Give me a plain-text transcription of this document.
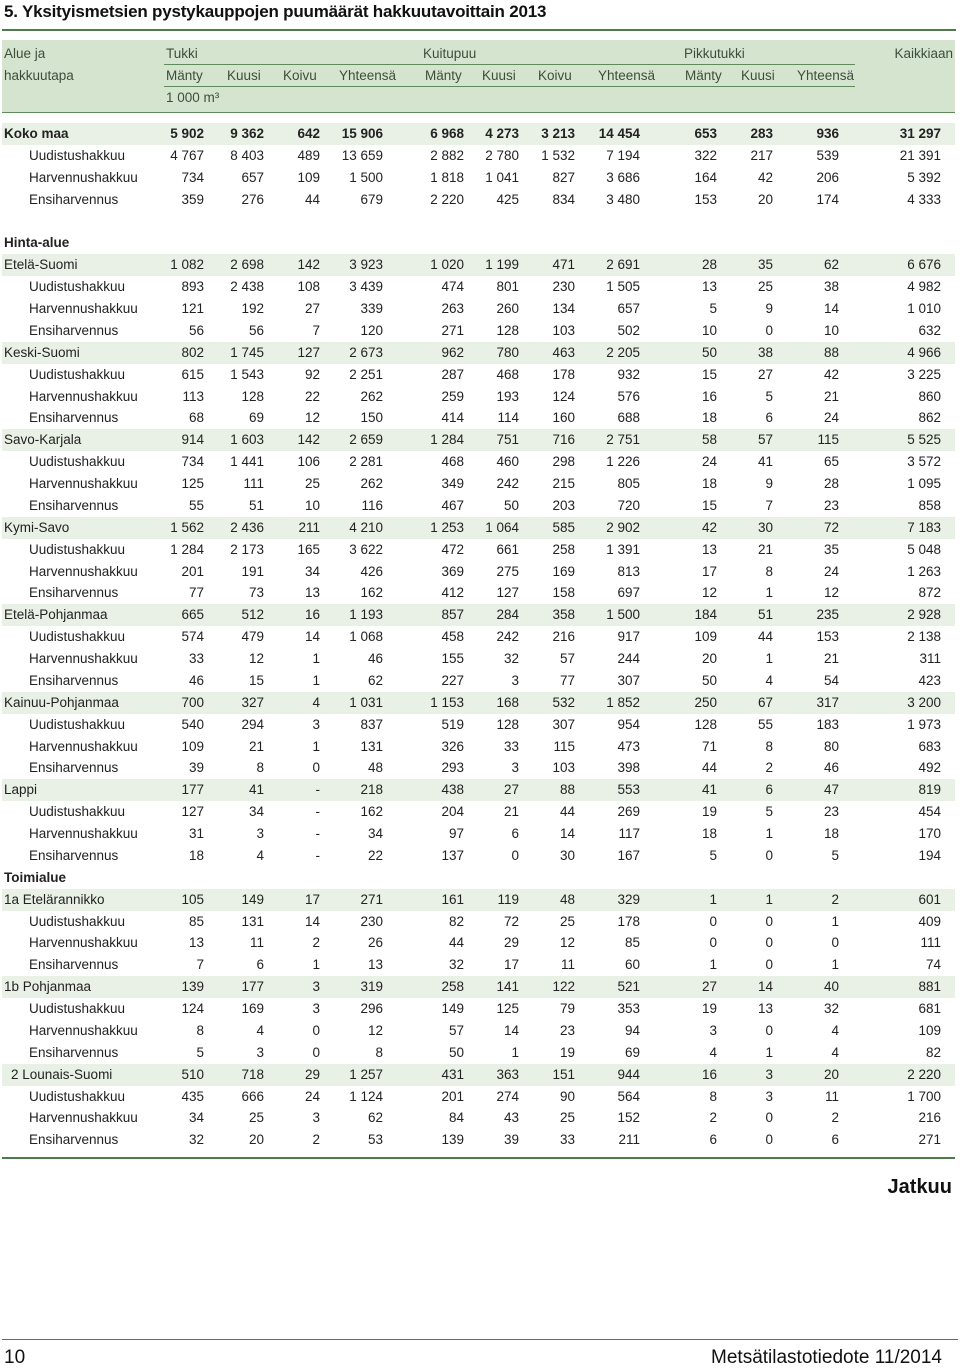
5. Yksityismetsien pystykauppojen puumäärät hakkuutavoittain 2013
Alue ja
hakkuutapa
Tukki	Kuitupuu	Pikkutukki	Kaikkiaan
Mänty Kuusi Koivu Yhteensä Mänty Kuusi Koivu Yhteensä Mänty Kuusi Yhteensä
1 000 m³
Koko maa	5 902	9 362	642	15 906	6 968	4 273	3 213	14 454	653	283	936	31 297
Uudistushakkuu	4 767	8 403	489	13 659	2 882	2 780	1 532	7 194	322	217	539	21 391
Harvennushakkuu	734	657	109	1 500	1 818	1 041	827	3 686	164	42	206	5 392
Ensiharvennus	359	276	44	679	2 220	425	834	3 480	153	20	174	4 333
Hinta-alue
Etelä-Suomi	1 082	2 698	142	3 923	1 020	1 199	471	2 691	28	35	62	6 676
Uudistushakkuu	893	2 438	108	3 439	474	801	230	1 505	13	25	38	4 982
Harvennushakkuu	121	192	27	339	263	260	134	657	5	9	14	1 010
Ensiharvennus	56	56	7	120	271	128	103	502	10	0	10	632
Keski-Suomi	802	1 745	127	2 673	962	780	463	2 205	50	38	88	4 966
Uudistushakkuu	615	1 543	92	2 251	287	468	178	932	15	27	42	3 225
Harvennushakkuu	113	128	22	262	259	193	124	576	16	5	21	860
Ensiharvennus	68	69	12	150	414	114	160	688	18	6	24	862
Savo-Karjala	914	1 603	142	2 659	1 284	751	716	2 751	58	57	115	5 525
Uudistushakkuu	734	1 441	106	2 281	468	460	298	1 226	24	41	65	3 572
Harvennushakkuu	125	111	25	262	349	242	215	805	18	9	28	1 095
Ensiharvennus	55	51	10	116	467	50	203	720	15	7	23	858
Kymi-Savo	1 562	2 436	211	4 210	1 253	1 064	585	2 902	42	30	72	7 183
Uudistushakkuu	1 284	2 173	165	3 622	472	661	258	1 391	13	21	35	5 048
Harvennushakkuu	201	191	34	426	369	275	169	813	17	8	24	1 263
Ensiharvennus	77	73	13	162	412	127	158	697	12	1	12	872
Etelä-Pohjanmaa	665	512	16	1 193	857	284	358	1 500	184	51	235	2 928
Uudistushakkuu	574	479	14	1 068	458	242	216	917	109	44	153	2 138
Harvennushakkuu	33	12	1	46	155	32	57	244	20	1	21	311
Ensiharvennus	46	15	1	62	227	3	77	307	50	4	54	423
Kainuu-Pohjanmaa	700	327	4	1 031	1 153	168	532	1 852	250	67	317	3 200
Uudistushakkuu	540	294	3	837	519	128	307	954	128	55	183	1 973
Harvennushakkuu	109	21	1	131	326	33	115	473	71	8	80	683
Ensiharvennus	39	8	0	48	293	3	103	398	44	2	46	492
Lappi	177	41	-	218	438	27	88	553	41	6	47	819
Uudistushakkuu	127	34	-	162	204	21	44	269	19	5	23	454
Harvennushakkuu	31	3	-	34	97	6	14	117	18	1	18	170
Ensiharvennus	18	4	-	22	137	0	30	167	5	0	5	194
Toimialue
1a Etelärannikko	105	149	17	271	161	119	48	329	1	1	2	601
Uudistushakkuu	85	131	14	230	82	72	25	178	0	0	1	409
Harvennushakkuu	13	11	2	26	44	29	12	85	0	0	0	111
Ensiharvennus	7	6	1	13	32	17	11	60	1	0	1	74
1b Pohjanmaa	139	177	3	319	258	141	122	521	27	14	40	881
Uudistushakkuu	124	169	3	296	149	125	79	353	19	13	32	681
Harvennushakkuu	8	4	0	12	57	14	23	94	3	0	4	109
Ensiharvennus	5	3	0	8	50	1	19	69	4	1	4	82
2 Lounais-Suomi	510	718	29	1 257	431	363	151	944	16	3	20	2 220
Uudistushakkuu	435	666	24	1 124	201	274	90	564	8	3	11	1 700
Harvennushakkuu	34	25	3	62	84	43	25	152	2	0	2	216
Ensiharvennus	32	20	2	53	139	39	33	211	6	0	6	271
Jatkuu
10	Metsätilastotiedote 11/2014
